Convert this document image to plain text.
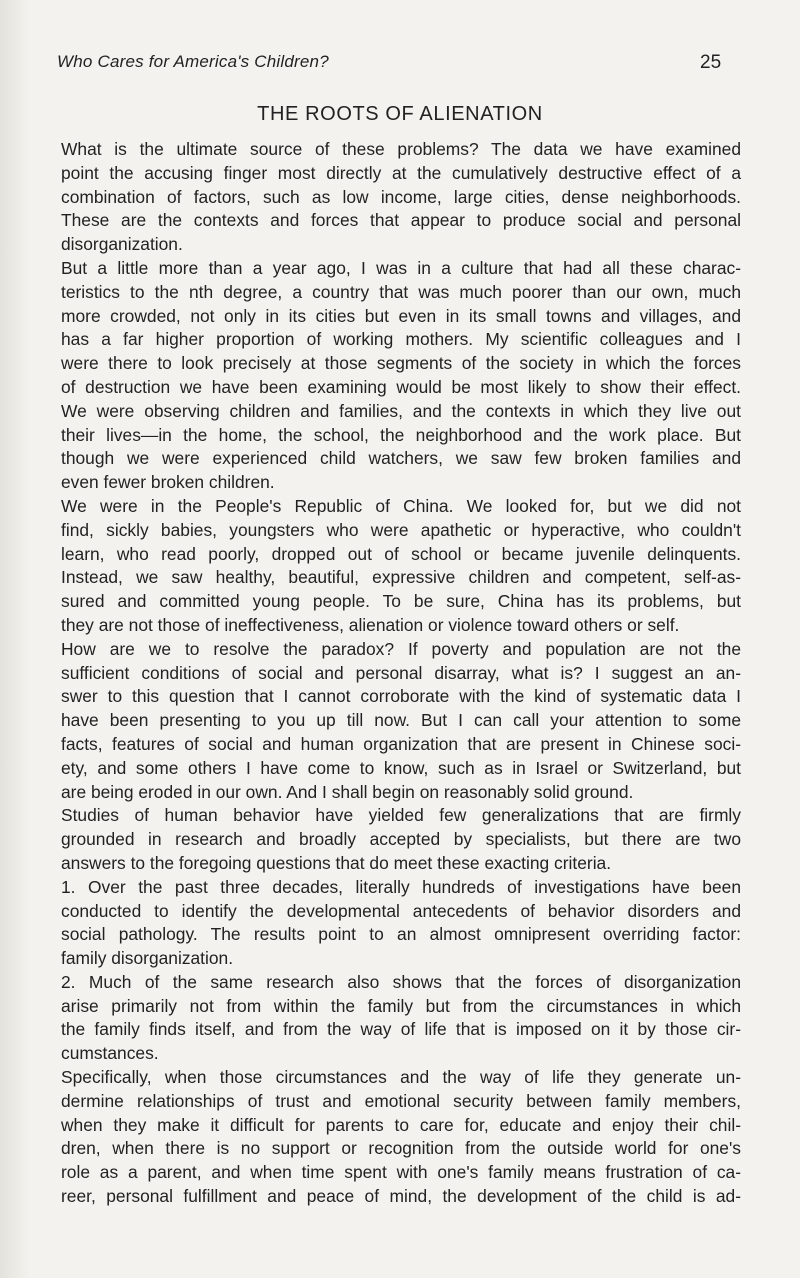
Who Cares for America's Children?	25
THE ROOTS OF ALIENATION
What is the ultimate source of these problems? The data we have examined
point the accusing finger most directly at the cumulatively destructive effect of a
combination of factors, such as low income, large cities, dense neighborhoods.
These are the contexts and forces that appear to produce social and personal
disorganization.
But a little more than a year ago, I was in a culture that had all these charac-
teristics to the nth degree, a country that was much poorer than our own, much
more crowded, not only in its cities but even in its small towns and villages, and
has a far higher proportion of working mothers. My scientific colleagues and I
were there to look precisely at those segments of the society in which the forces
of destruction we have been examining would be most likely to show their effect.
We were observing children and families, and the contexts in which they live out
their lives—in the home, the school, the neighborhood and the work place. But
though we were experienced child watchers, we saw few broken families and
even fewer broken children.
We were in the People's Republic of China. We looked for, but we did not
find, sickly babies, youngsters who were apathetic or hyperactive, who couldn't
learn, who read poorly, dropped out of school or became juvenile delinquents.
Instead, we saw healthy, beautiful, expressive children and competent, self-as-
sured and committed young people. To be sure, China has its problems, but
they are not those of ineffectiveness, alienation or violence toward others or self.
How are we to resolve the paradox? If poverty and population are not the
sufficient conditions of social and personal disarray, what is? I suggest an an-
swer to this question that I cannot corroborate with the kind of systematic data I
have been presenting to you up till now. But I can call your attention to some
facts, features of social and human organization that are present in Chinese soci-
ety, and some others I have come to know, such as in Israel or Switzerland, but
are being eroded in our own. And I shall begin on reasonably solid ground.
Studies of human behavior have yielded few generalizations that are firmly
grounded in research and broadly accepted by specialists, but there are two
answers to the foregoing questions that do meet these exacting criteria.
1. Over the past three decades, literally hundreds of investigations have been
conducted to identify the developmental antecedents of behavior disorders and
social pathology. The results point to an almost omnipresent overriding factor:
family disorganization.
2. Much of the same research also shows that the forces of disorganization
arise primarily not from within the family but from the circumstances in which
the family finds itself, and from the way of life that is imposed on it by those cir-
cumstances.
Specifically, when those circumstances and the way of life they generate un-
dermine relationships of trust and emotional security between family members,
when they make it difficult for parents to care for, educate and enjoy their chil-
dren, when there is no support or recognition from the outside world for one's
role as a parent, and when time spent with one's family means frustration of ca-
reer, personal fulfillment and peace of mind, the development of the child is ad-
